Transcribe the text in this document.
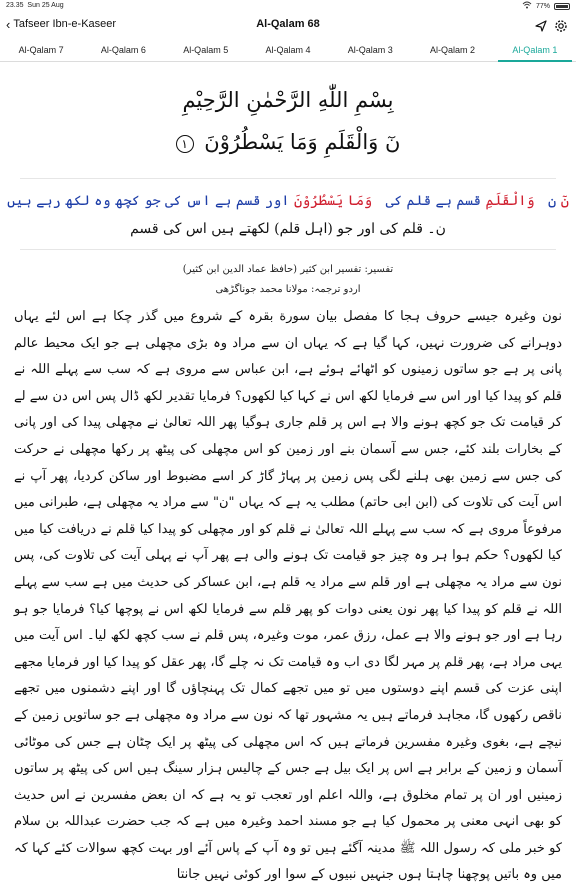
23.35 Sun 25 Aug	77%
‹ Tafseer Ibn-e-Kaseer	Al-Qalam 68
Al-Qalam 7	Al-Qalam 6	Al-Qalam 5	Al-Qalam 4	Al-Qalam 3	Al-Qalam 2	Al-Qalam 1
بِسْمِ اللّٰهِ الرَّحْمٰنِ الرَّحِيْمِ
نٓ وَالْقَلَمِ وَمَا يَسْطُرُوْنَ ١
نٓ ن   وَالْقَلَمِ قسم ہے قلم کی   وَمَا يَسْطُرُوْنَ اور قسم ہے اس کی جو کچھ وہ لکھ رہے ہیں
ن۔ قلم کی اور جو (اہل قلم) لکھتے ہیں اس کی قسم
تفسیر: تفسیر ابن کثیر (حافظ عماد الدین ابن کثیر)
اردو ترجمہ: مولانا محمد جوناگڑھی
نون وغیرہ جیسے حروف ہجا کا مفصل بیان سورة بقرہ کے شروع میں گذر چکا ہے اس لئے یہاں دوہرانے کی ضرورت نہیں، کہا گیا ہے کہ یہاں ان سے مراد وہ بڑی مچھلی ہے جو ایک محیط عالم پانی پر ہے جو ساتوں زمینوں کو اٹھائے ہوئے ہے، ابن عباس سے مروی ہے کہ سب سے پہلے اللہ نے قلم کو پیدا کیا اور اس سے فرمایا لکھ اس نے کہا کیا لکھوں؟ فرمایا تقدیر لکھ ڈال پس اس دن سے لے کر قیامت تک جو کچھ ہونے والا ہے اس پر قلم جاری ہوگیا پھر اللہ تعالیٰ نے مچھلی پیدا کی اور پانی کے بخارات بلند کئے، جس سے آسمان بنے اور زمین کو اس مچھلی کی پیٹھ پر رکھا مچھلی نے حرکت کی جس سے زمین بھی ہلنے لگی پس زمین پر پہاڑ گاڑ کر اسے مضبوط اور ساکن کردیا، پھر آپ نے اس آیت کی تلاوت کی (ابن ابی حاتم) مطلب یہ ہے کہ یہاں "ن" سے مراد یہ مچھلی ہے، طبرانی میں مرفوعاً مروی ہے کہ سب سے پہلے اللہ تعالیٰ نے قلم کو اور مچھلی کو پیدا کیا قلم نے دریافت کیا میں کیا لکھوں؟ حکم ہوا ہر وہ چیز جو قیامت تک ہونے والی ہے پھر آپ نے پہلی آیت کی تلاوت کی، پس نون سے مراد یہ مچھلی ہے اور قلم سے مراد یہ قلم ہے، ابن عساکر کی حدیث میں ہے سب سے پہلے اللہ نے قلم کو پیدا کیا پھر نون یعنی دوات کو پھر قلم سے فرمایا لکھ اس نے پوچھا کیا؟ فرمایا جو ہو رہا ہے اور جو ہونے والا ہے عمل، رزق عمر، موت وغیرہ، پس قلم نے سب کچھ لکھ لیا۔ اس آیت میں یہی مراد ہے، پھر قلم پر مہر لگا دی اب وہ قیامت تک نہ چلے گا، پھر عقل کو پیدا کیا اور فرمایا مجھے اپنی عزت کی قسم اپنے دوستوں میں تو میں تجھے کمال تک پہنچاؤں گا اور اپنے دشمنوں میں تجھے ناقص رکھوں گا، مجاہد فرماتے ہیں یہ مشہور تھا کہ نون سے مراد وہ مچھلی ہے جو ساتویں زمین کے نیچے ہے، بغوی وغیرہ مفسرین فرماتے ہیں کہ اس مچھلی کی پیٹھ پر ایک چٹان ہے جس کی موٹائی آسمان و زمین کے برابر ہے اس پر ایک بیل ہے جس کے چالیس ہزار سینگ ہیں اس کی پیٹھ پر ساتوں زمینیں اور ان پر تمام مخلوق ہے، واللہ اعلم اور تعجب تو یہ ہے کہ ان بعض مفسرین نے اس حدیث کو بھی انہی معنی پر محمول کیا ہے جو مسند احمد وغیرہ میں ہے کہ جب حضرت عبداللہ بن سلام کو خبر ملی کہ رسول اللہ ﷺ مدینہ آگئے ہیں تو وہ آپ کے پاس آئے اور بہت کچھ سوالات کئے کہا کہ میں وہ باتیں پوچھنا چاہتا ہوں جنہیں نبیوں کے سوا اور کوئی نہیں جانتا
